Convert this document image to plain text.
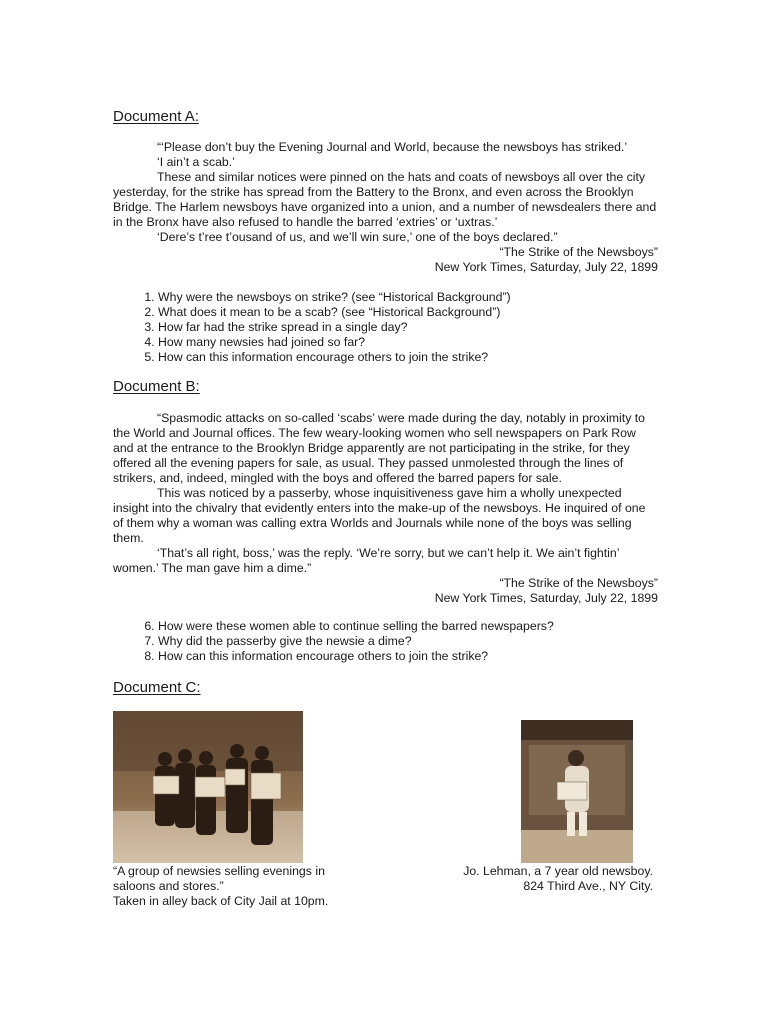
Document A:

“‘Please don’t buy the Evening Journal and World, because the newsboys has striked.’

‘I ain’t a scab.’

These and similar notices were pinned on the hats and coats of newsboys all over the city yesterday, for the strike has spread from the Battery to the Bronx, and even across the Brooklyn Bridge. The Harlem newsboys have organized into a union, and a number of newsdealers there and in the Bronx have also refused to handle the barred ‘extries’ or ‘uxtras.’

‘Dere’s t’ree t’ousand of us, and we’ll win sure,’ one of the boys declared.”

“The Strike of the Newsboys”

New York Times, Saturday, July 22, 1899

1. Why were the newsboys on strike? (see “Historical Background”)
2. What does it mean to be a scab? (see “Historical Background”)
3. How far had the strike spread in a single day?
4. How many newsies had joined so far?
5. How can this information encourage others to join the strike?
Document B:

“Spasmodic attacks on so-called ‘scabs’ were made during the day, notably in proximity to the World and Journal offices. The few weary-looking women who sell newspapers on Park Row and at the entrance to the Brooklyn Bridge apparently are not participating in the strike, for they offered all the evening papers for sale, as usual. They passed unmolested through the lines of strikers, and, indeed, mingled with the boys and offered the barred papers for sale.

This was noticed by a passerby, whose inquisitiveness gave him a wholly unexpected insight into the chivalry that evidently enters into the make-up of the newsboys. He inquired of one of them why a woman was calling extra Worlds and Journals while none of the boys was selling them.

‘That’s all right, boss,’ was the reply. ‘We’re sorry, but we can’t help it. We ain’t fightin’ women.’ The man gave him a dime.”

“The Strike of the Newsboys”

New York Times, Saturday, July 22, 1899

6. How were these women able to continue selling the barred newspapers?
7. Why did the passerby give the newsie a dime?
8. How can this information encourage others to join the strike?
Document C:
“A group of newsies selling evenings in
saloons and stores.”
Taken in alley back of City Jail at 10pm.
Jo. Lehman, a 7 year old newsboy.
824 Third Ave., NY City.
